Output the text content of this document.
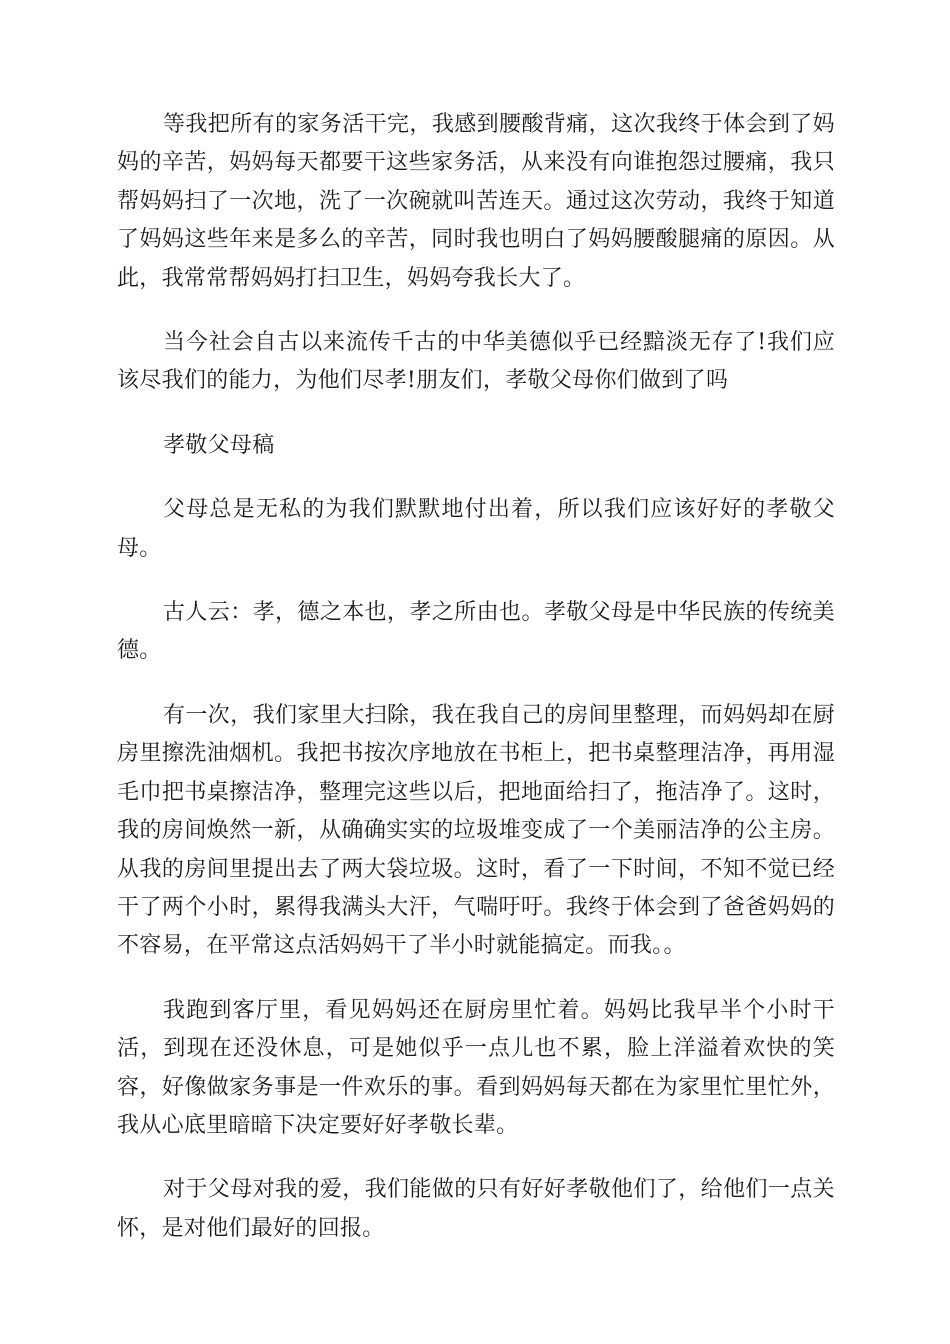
等我把所有的家务活干完，我感到腰酸背痛，这次我终于体会到了妈妈的辛苦，妈妈每天都要干这些家务活，从来没有向谁抱怨过腰痛，我只帮妈妈扫了一次地，洗了一次碗就叫苦连天。通过这次劳动，我终于知道了妈妈这些年来是多么的辛苦，同时我也明白了妈妈腰酸腿痛的原因。从此，我常常帮妈妈打扫卫生，妈妈夸我长大了。

当今社会自古以来流传千古的中华美德似乎已经黯淡无存了!我们应该尽我们的能力，为他们尽孝!朋友们，孝敬父母你们做到了吗

孝敬父母稿

父母总是无私的为我们默默地付出着，所以我们应该好好的孝敬父母。

古人云：孝，德之本也，孝之所由也。孝敬父母是中华民族的传统美德。

有一次，我们家里大扫除，我在我自己的房间里整理，而妈妈却在厨房里擦洗油烟机。我把书按次序地放在书柜上，把书桌整理洁净，再用湿毛巾把书桌擦洁净，整理完这些以后，把地面给扫了，拖洁净了。这时，我的房间焕然一新，从确确实实的垃圾堆变成了一个美丽洁净的公主房。从我的房间里提出去了两大袋垃圾。这时，看了一下时间，不知不觉已经干了两个小时，累得我满头大汗，气喘吁吁。我终于体会到了爸爸妈妈的不容易，在平常这点活妈妈干了半小时就能搞定。而我。。

我跑到客厅里，看见妈妈还在厨房里忙着。妈妈比我早半个小时干活，到现在还没休息，可是她似乎一点儿也不累，脸上洋溢着欢快的笑容，好像做家务事是一件欢乐的事。看到妈妈每天都在为家里忙里忙外，我从心底里暗暗下决定要好好孝敬长辈。

对于父母对我的爱，我们能做的只有好好孝敬他们了，给他们一点关怀，是对他们最好的回报。
